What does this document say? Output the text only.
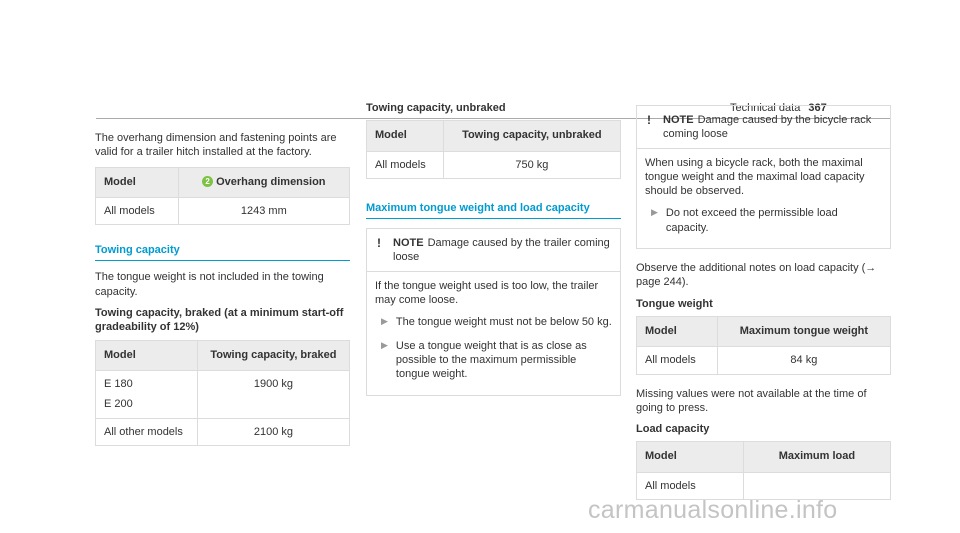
Technical data 367

The overhang dimension and fastening points are valid for a trailer hitch installed at the factory.

Model	2 Overhang dimension
All models	1243 mm
Towing capacity

The tongue weight is not included in the towing capacity.

Towing capacity, braked (at a minimum start-off gradeability of 12%)
Model	Towing capacity, braked

E 180
E 200	1900 kg
All other models	2100 kg
Towing capacity, unbraked
Model	Towing capacity, unbraked
All models	750 kg
Maximum tongue weight and load capacity
! NOTE Damage caused by the trailer coming loose

If the tongue weight used is too low, the trailer may come loose.

▶ The tongue weight must not be below 50 kg.
▶ Use a tongue weight that is as close as possible to the maximum permissible tongue weight.
! NOTE Damage caused by the bicycle rack coming loose

When using a bicycle rack, both the maximal tongue weight and the maximal load capacity should be observed.

▶ Do not exceed the permissible load capacity.

Observe the additional notes on load capacity (→ page 244).

Tongue weight
Model	Maximum tongue weight
All models	84 kg

Missing values were not available at the time of going to press.

Load capacity
Model	Maximum load
All models	
carmanualsonline.info
